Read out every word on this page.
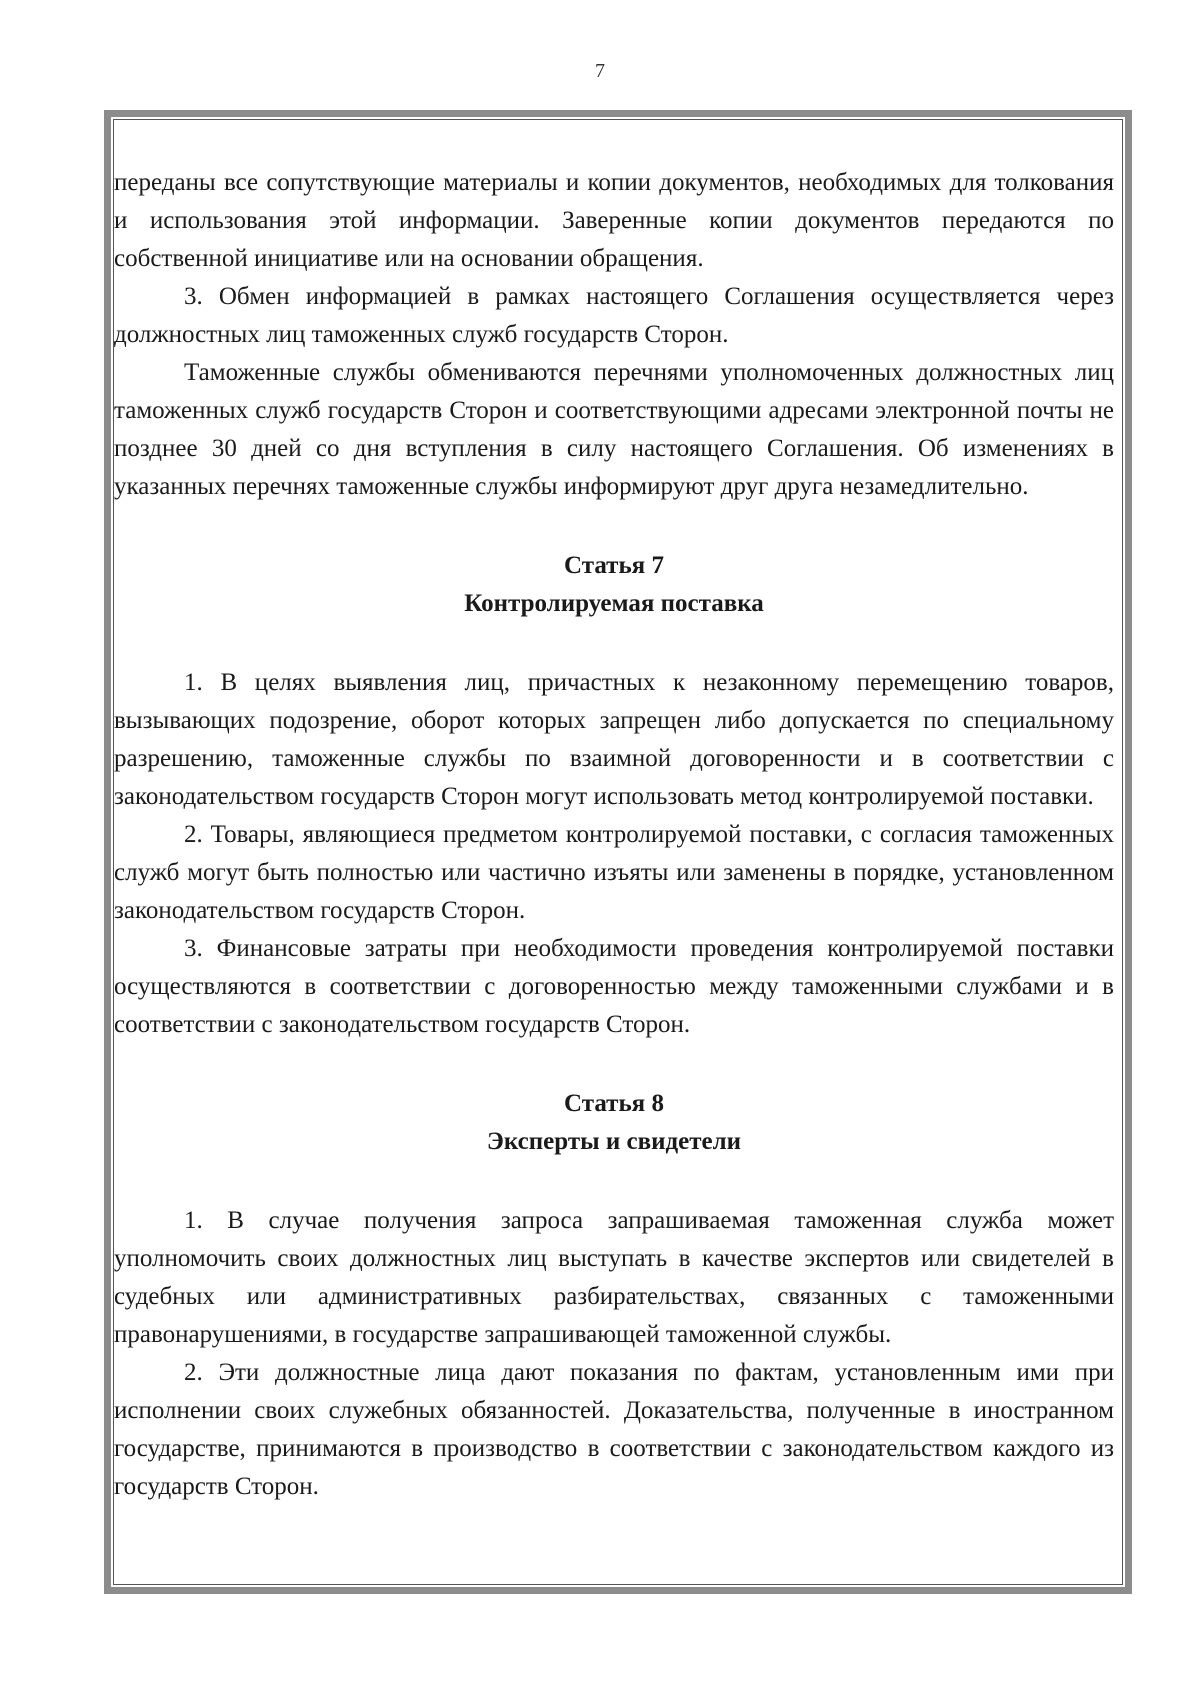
7

переданы все сопутствующие материалы и копии документов, необходимых для толкования и использования этой информации. Заверенные копии документов передаются по собственной инициативе или на основании обращения.

3. Обмен информацией в рамках настоящего Соглашения осуществляется через должностных лиц таможенных служб государств Сторон.

Таможенные службы обмениваются перечнями уполномоченных должностных лиц таможенных служб государств Сторон и соответствующими адресами электронной почты не позднее 30 дней со дня вступления в силу настоящего Соглашения. Об изменениях в указанных перечнях таможенные службы информируют друг друга незамедлительно.

Статья 7

Контролируемая поставка

1. В целях выявления лиц, причастных к незаконному перемещению товаров, вызывающих подозрение, оборот которых запрещен либо допускается по специальному разрешению, таможенные службы по взаимной договоренности и в соответствии с законодательством государств Сторон могут использовать метод контролируемой поставки.

2. Товары, являющиеся предметом контролируемой поставки, с согласия таможенных служб могут быть полностью или частично изъяты или заменены в порядке, установленном законодательством государств Сторон.

3. Финансовые затраты при необходимости проведения контролируемой поставки осуществляются в соответствии с договоренностью между таможенными службами и в соответствии с законодательством государств Сторон.

Статья 8

Эксперты и свидетели

1. В случае получения запроса запрашиваемая таможенная служба может уполномочить своих должностных лиц выступать в качестве экспертов или свидетелей в судебных или административных разбирательствах, связанных с таможенными правонарушениями, в государстве запрашивающей таможенной службы.

2. Эти должностные лица дают показания по фактам, установленным ими при исполнении своих служебных обязанностей. Доказательства, полученные в иностранном государстве, принимаются в производство в соответствии с законодательством каждого из государств Сторон.
